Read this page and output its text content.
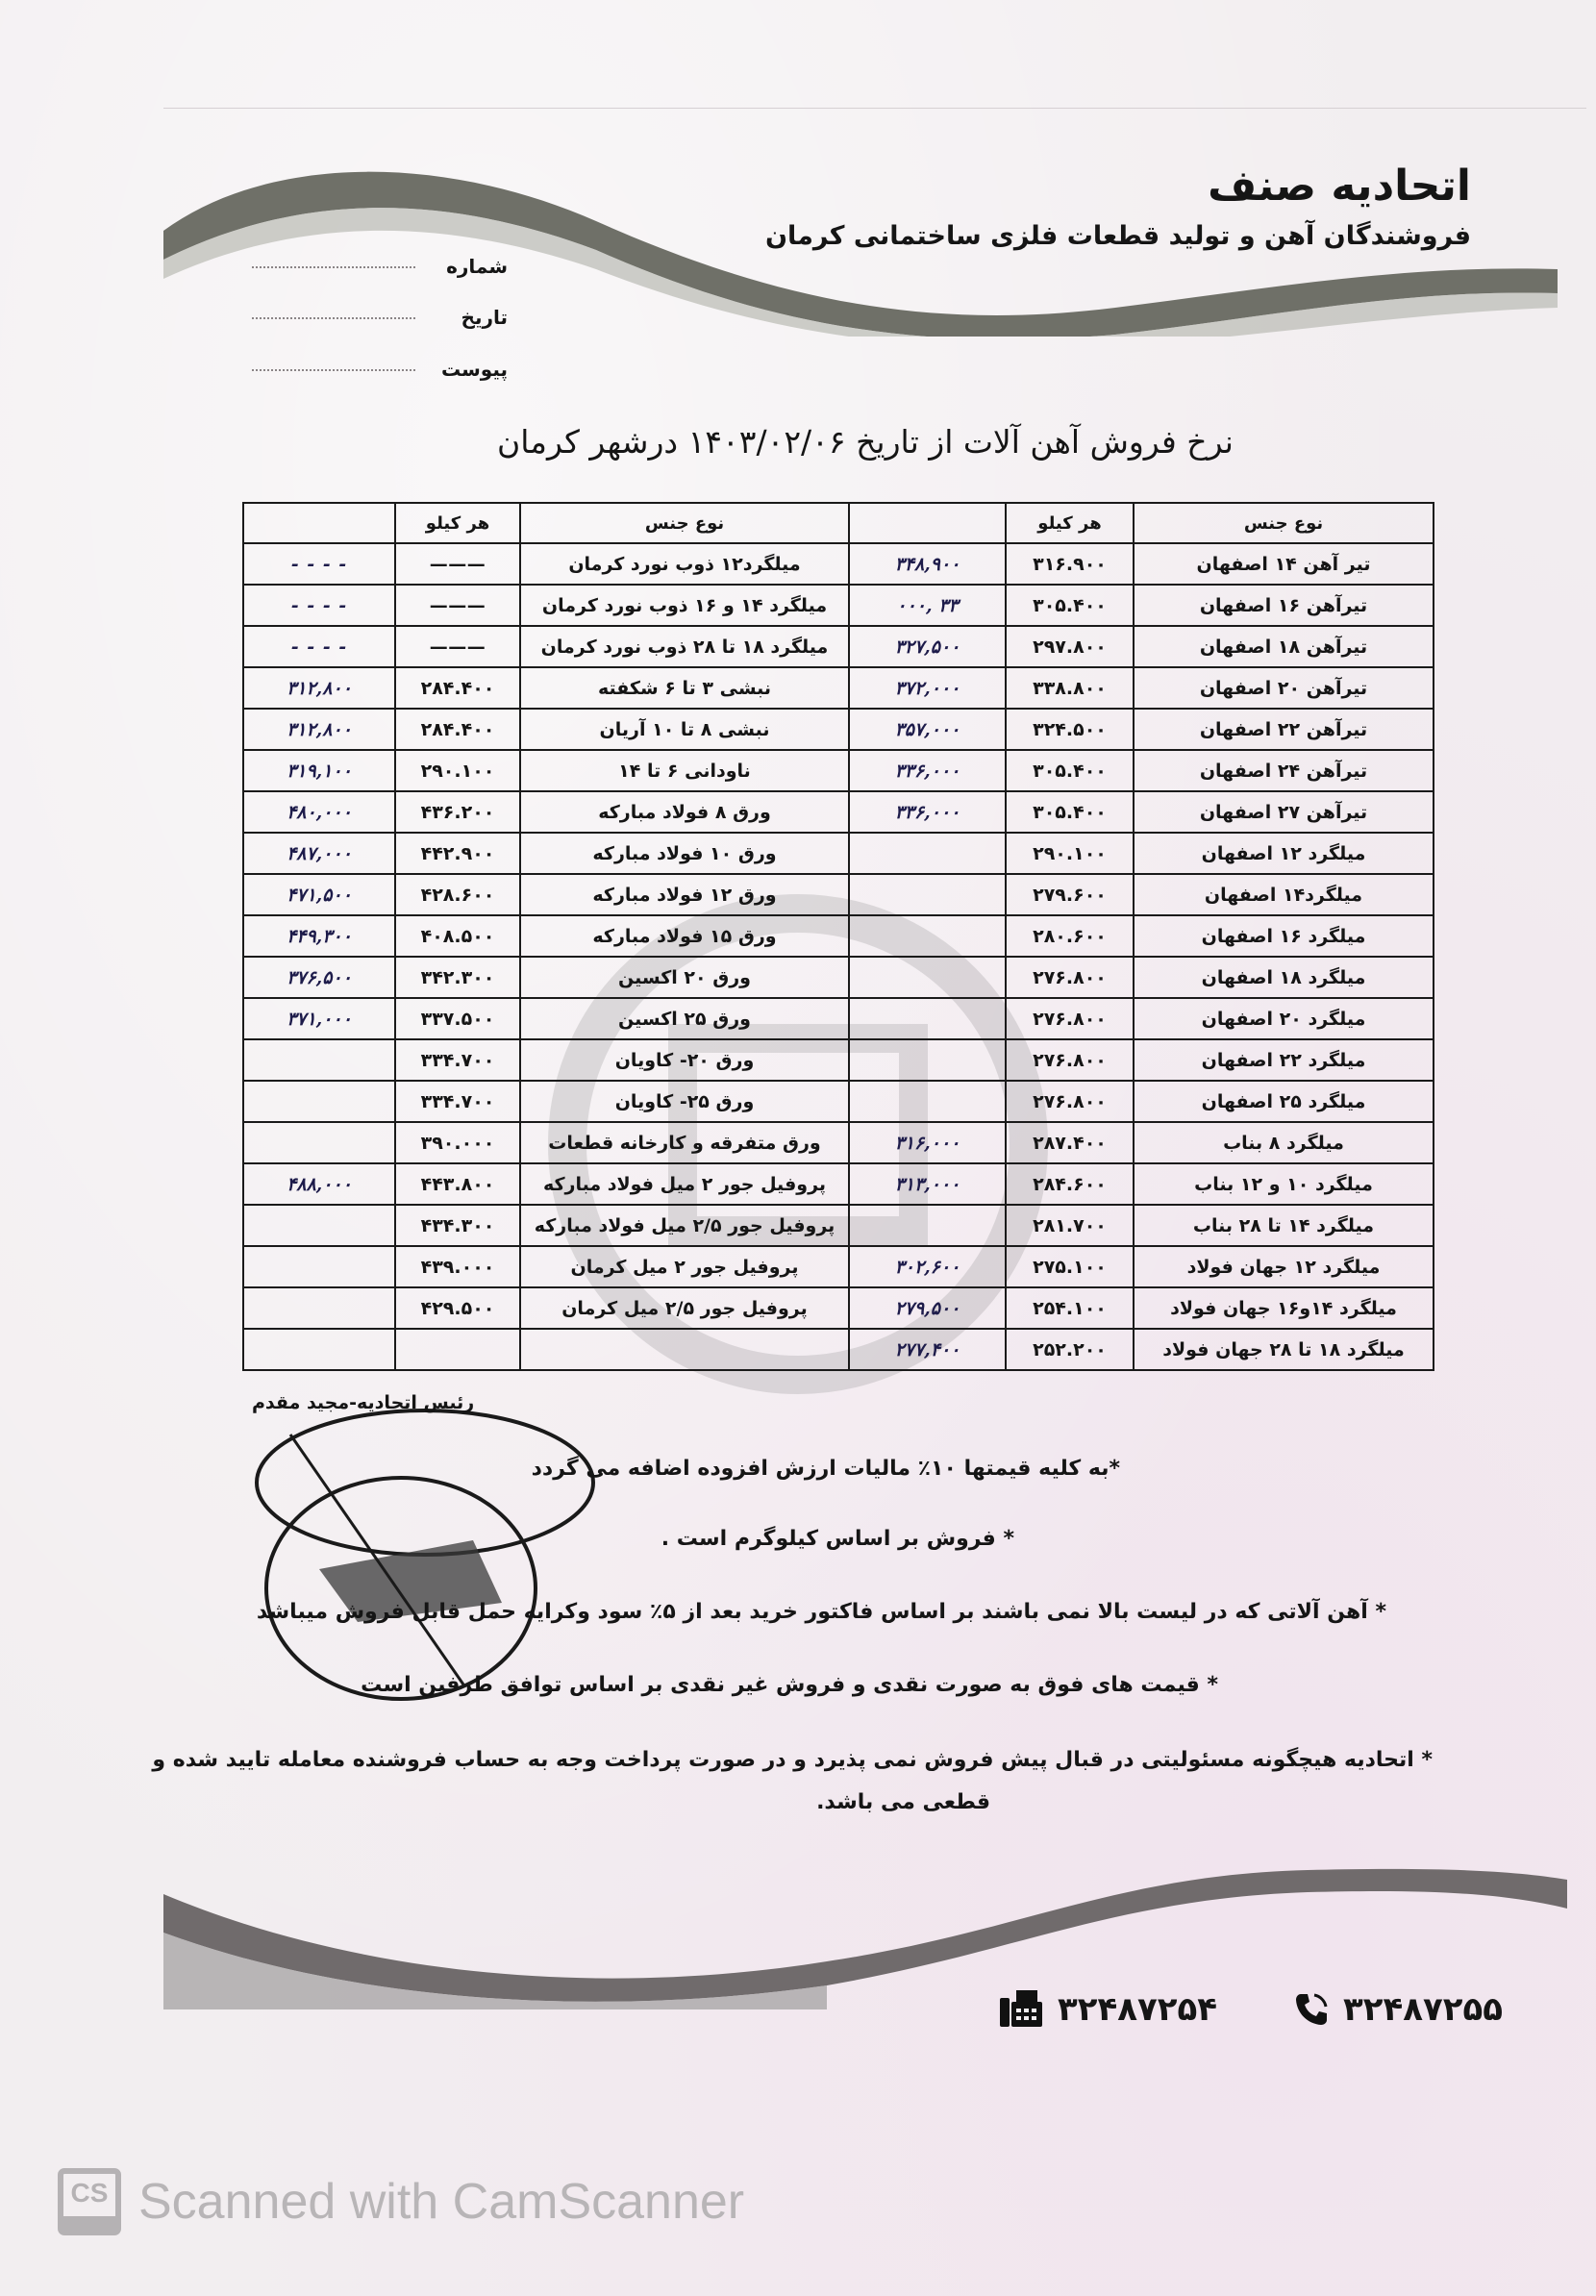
اتحادیه صنف
فروشندگان آهن و تولید قطعات فلزی ساختمانی کرمان
شماره
تاریخ
پیوست
نرخ فروش آهن آلات از تاریخ ۱۴۰۳/۰۲/۰۶ درشهر کرمان
نوع جنس	هر کیلو		نوع جنس	هر کیلو	
تیر آهن ۱۴ اصفهان	۳۱۶.۹۰۰	۳۴۸,۹۰۰	میلگرد۱۲ ذوب نورد کرمان	———	- - - -
تیرآهن ۱۶ اصفهان	۳۰۵.۴۰۰	۳۳ ,۰۰۰	میلگرد ۱۴ و ۱۶ ذوب نورد کرمان	———	- - - -
تیرآهن ۱۸ اصفهان	۲۹۷.۸۰۰	۳۲۷,۵۰۰	میلگرد ۱۸ تا ۲۸ ذوب نورد کرمان	———	- - - -
تیرآهن ۲۰ اصفهان	۳۳۸.۸۰۰	۳۷۲,۰۰۰	نبشی ۳ تا ۶ شکفته	۲۸۴.۴۰۰	۳۱۲,۸۰۰
تیرآهن ۲۲ اصفهان	۳۲۴.۵۰۰	۳۵۷,۰۰۰	نبشی ۸ تا ۱۰ آریان	۲۸۴.۴۰۰	۳۱۲,۸۰۰
تیرآهن ۲۴ اصفهان	۳۰۵.۴۰۰	۳۳۶,۰۰۰	ناودانی ۶ تا ۱۴	۲۹۰.۱۰۰	۳۱۹,۱۰۰
تیرآهن ۲۷ اصفهان	۳۰۵.۴۰۰	۳۳۶,۰۰۰	ورق ۸ فولاد مبارکه	۴۳۶.۲۰۰	۴۸۰,۰۰۰
میلگرد ۱۲ اصفهان	۲۹۰.۱۰۰		ورق ۱۰ فولاد مبارکه	۴۴۲.۹۰۰	۴۸۷,۰۰۰
میلگرد۱۴ اصفهان	۲۷۹.۶۰۰		ورق ۱۲ فولاد مبارکه	۴۲۸.۶۰۰	۴۷۱,۵۰۰
میلگرد ۱۶ اصفهان	۲۸۰.۶۰۰		ورق ۱۵ فولاد مبارکه	۴۰۸.۵۰۰	۴۴۹,۳۰۰
میلگرد ۱۸ اصفهان	۲۷۶.۸۰۰		ورق ۲۰ اکسین	۳۴۲.۳۰۰	۳۷۶,۵۰۰
میلگرد ۲۰ اصفهان	۲۷۶.۸۰۰		ورق ۲۵ اکسین	۳۳۷.۵۰۰	۳۷۱,۰۰۰
میلگرد ۲۲ اصفهان	۲۷۶.۸۰۰		ورق ۲۰- کاویان	۳۳۴.۷۰۰	
میلگرد ۲۵ اصفهان	۲۷۶.۸۰۰		ورق ۲۵- کاویان	۳۳۴.۷۰۰	
میلگرد ۸ بناب	۲۸۷.۴۰۰	۳۱۶,۰۰۰	ورق متفرقه و کارخانه قطعات	۳۹۰.۰۰۰	
میلگرد ۱۰ و ۱۲ بناب	۲۸۴.۶۰۰	۳۱۳,۰۰۰	پروفیل جور ۲ میل فولاد مبارکه	۴۴۳.۸۰۰	۴۸۸,۰۰۰
میلگرد ۱۴ تا ۲۸ بناب	۲۸۱.۷۰۰		پروفیل جور ۲/۵ میل فولاد مبارکه	۴۳۴.۳۰۰	
میلگرد ۱۲ جهان فولاد	۲۷۵.۱۰۰	۳۰۲,۶۰۰	پروفیل جور ۲ میل کرمان	۴۳۹.۰۰۰	
میلگرد ۱۴و۱۶ جهان فولاد	۲۵۴.۱۰۰	۲۷۹,۵۰۰	پروفیل جور ۲/۵ میل کرمان	۴۲۹.۵۰۰	
میلگرد ۱۸ تا ۲۸ جهان فولاد	۲۵۲.۲۰۰	۲۷۷,۴۰۰			
رئیس اتحادیه-مجید مقدم
*به کلیه قیمتها ۱۰٪ مالیات ارزش افزوده اضافه می گردد
* فروش بر اساس کیلوگرم است .
* آهن آلاتی که در لیست بالا نمی باشند بر اساس فاکتور خرید بعد از ۵٪ سود وکرایه حمل قابل فروش میباشد
* قیمت های فوق به صورت نقدی و فروش غیر نقدی بر اساس توافق طرفین است
* اتحادیه هیچگونه مسئولیتی در قبال پیش فروش نمی پذیرد و در صورت پرداخت وجه به حساب فروشنده معامله تایید شده و
قطعی می باشد.
۳۲۴۸۷۲۵۴	۳۲۴۸۷۲۵۵
CS Scanned with CamScanner
